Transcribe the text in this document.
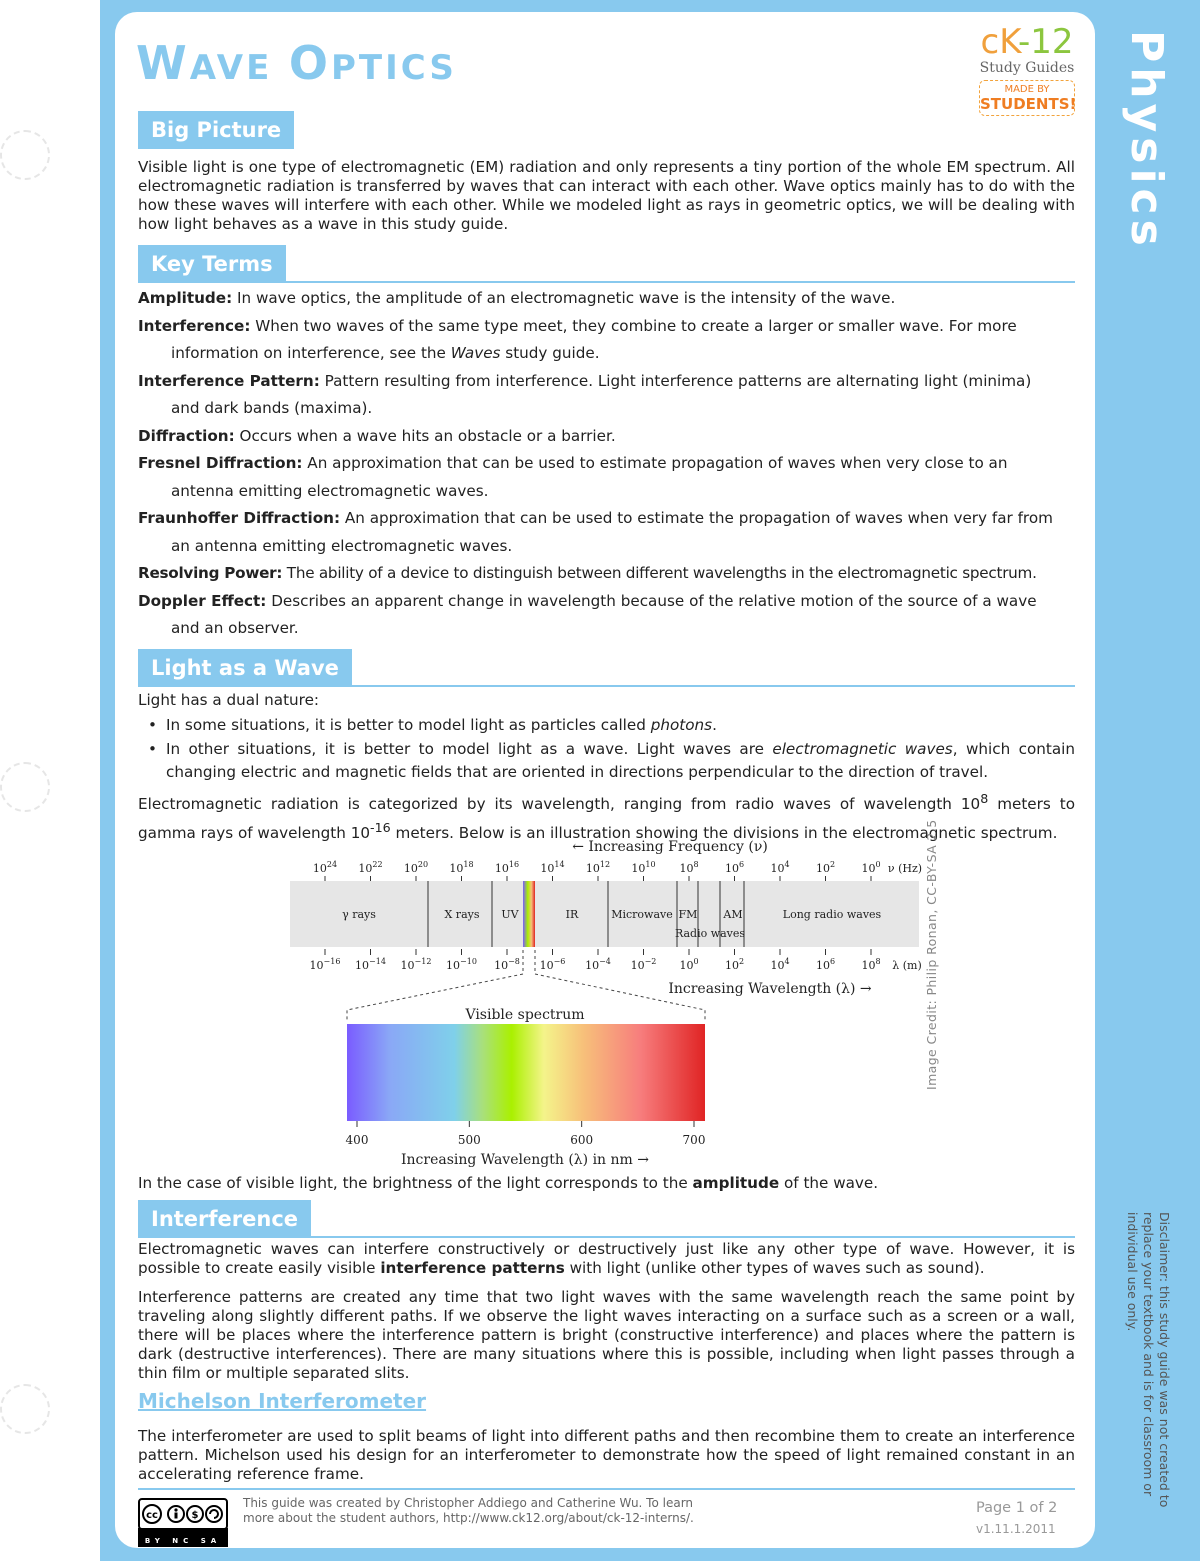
Physics
WAVE OPTICS
cK-12
Study Guides
MADE BY
STUDENTS!
Big Picture

Visible light is one type of electromagnetic (EM) radiation and only represents a tiny portion of the whole EM spectrum. All electromagnetic radiation is transferred by waves that can interact with each other. Wave optics mainly has to do with the how these waves will interfere with each other. While we modeled light as rays in geometric optics, we will be dealing with how light behaves as a wave in this study guide.

Key Terms
Amplitude: In wave optics, the amplitude of an electromagnetic wave is the intensity of the wave.
Interference: When two waves of the same type meet, they combine to create a larger or smaller wave. For more
information on interference, see the Waves study guide.
Interference Pattern: Pattern resulting from interference. Light interference patterns are alternating light (minima)
and dark bands (maxima).
Diffraction: Occurs when a wave hits an obstacle or a barrier.
Fresnel Diffraction: An approximation that can be used to estimate propagation of waves when very close to an
antenna emitting electromagnetic waves.
Fraunhoffer Diffraction: An approximation that can be used to estimate the propagation of waves when very far from
an antenna emitting electromagnetic waves.
Resolving Power: The ability of a device to distinguish between different wavelengths in the electromagnetic spectrum.
Doppler Effect: Describes an apparent change in wavelength because of the relative motion of the source of a wave
and an observer.
Light as a Wave

Light has a dual nature:

• In some situations, it is better to model light as particles called photons.
• In other situations, it is better to model light as a wave. Light waves are electromagnetic waves, which contain changing electric and magnetic fields that are oriented in directions perpendicular to the direction of travel.

Electromagnetic radiation is categorized by its wavelength, ranging from radio waves of wavelength $10^8$ meters to gamma rays of wavelength $10^{-16}$ meters. Below is an illustration showing the divisions in the electromagnetic spectrum.

← Increasing Frequency (ν)
$10^{24}$ $10^{22}$ $10^{20}$ $10^{18}$ $10^{16}$ $10^{14}$ $10^{12}$ $10^{10}$ $10^8$ $10^6$ $10^4$ $10^2$ $10^0$ ν (Hz)
γ rays	X rays UV	IR	Microwave FM AM	Long radio waves
Radio waves
$10^{-16}$ $10^{-14}$ $10^{-12}$ $10^{-10}$ $10^{-8}$ $10^{-6}$ $10^{-4}$ $10^{-2}$ $10^0$ $10^2$ $10^4$ $10^6$ $10^8$ λ (m)
Increasing Wavelength (λ) →
Visible spectrum
400	500	600	700
Increasing Wavelength (λ) in nm →
Image Credit: Philip Ronan, CC-BY-SA 2.5

In the case of visible light, the brightness of the light corresponds to the amplitude of the wave.

Interference

Electromagnetic waves can interfere constructively or destructively just like any other type of wave. However, it is possible to create easily visible interference patterns with light (unlike other types of waves such as sound).

Interference patterns are created any time that two light waves with the same wavelength reach the same point by traveling along slightly different paths. If we observe the light waves interacting on a surface such as a screen or a wall, there will be places where the interference pattern is bright (constructive interference) and places where the pattern is dark (destructive interferences). There are many situations where this is possible, including when light passes through a thin film or multiple separated slits.

Michelson Interferometer

The interferometer are used to split beams of light into different paths and then recombine them to create an interference pattern. Michelson used his design for an interferometer to demonstrate how the speed of light remained constant in an accelerating reference frame.

cc	$
BY NC SA
This guide was created by Christopher Addiego and Catherine Wu. To learn more about the student authors, http://www.ck12.org/about/ck-12-interns/.
Page 1 of 2
v1.11.1.2011
Disclaimer: this study guide was not created to replace your textbook and is for classroom or individual use only.
